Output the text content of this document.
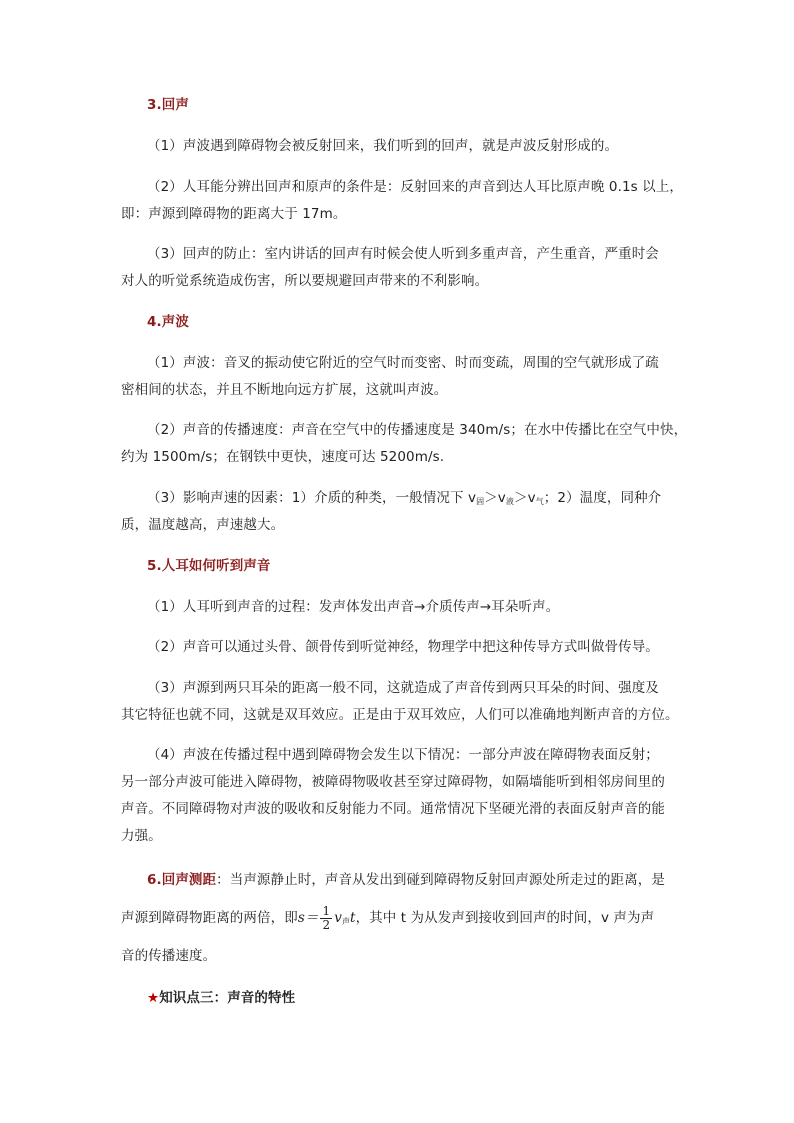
3.回声
（1）声波遇到障碍物会被反射回来，我们听到的回声，就是声波反射形成的。
（2）人耳能分辨出回声和原声的条件是：反射回来的声音到达人耳比原声晚 0.1s 以上，
即：声源到障碍物的距离大于 17m。
（3）回声的防止：室内讲话的回声有时候会使人听到多重声音，产生重音，严重时会
对人的听觉系统造成伤害，所以要规避回声带来的不利影响。
4.声波
（1）声波：音叉的振动使它附近的空气时而变密、时而变疏，周围的空气就形成了疏
密相间的状态，并且不断地向远方扩展，这就叫声波。
（2）声音的传播速度：声音在空气中的传播速度是 340m/s；在水中传播比在空气中快，
约为 1500m/s；在钢铁中更快，速度可达 5200m/s.
（3）影响声速的因素：1）介质的种类，一般情况下 $v_固>v_液>v_气$；2）温度，同种介
质，温度越高，声速越大。
5.人耳如何听到声音
（1）人耳听到声音的过程：发声体发出声音→介质传声→耳朵听声。
（2）声音可以通过头骨、颌骨传到听觉神经，物理学中把这种传导方式叫做骨传导。
（3）声源到两只耳朵的距离一般不同，这就造成了声音传到两只耳朵的时间、强度及
其它特征也就不同，这就是双耳效应。正是由于双耳效应，人们可以准确地判断声音的方位。
（4）声波在传播过程中遇到障碍物会发生以下情况：一部分声波在障碍物表面反射；
另一部分声波可能进入障碍物，被障碍物吸收甚至穿过障碍物，如隔墙能听到相邻房间里的
声音。不同障碍物对声波的吸收和反射能力不同。通常情况下坚硬光滑的表面反射声音的能
力强。
6.回声测距：当声源静止时，声音从发出到碰到障碍物反射回声源处所走过的距离，是
声源到障碍物距离的两倍，即$s= \frac{1}{2} v_声t$，其中 t 为从发声到接收到回声的时间，v 声为声
音的传播速度。
★知识点三：声音的特性
